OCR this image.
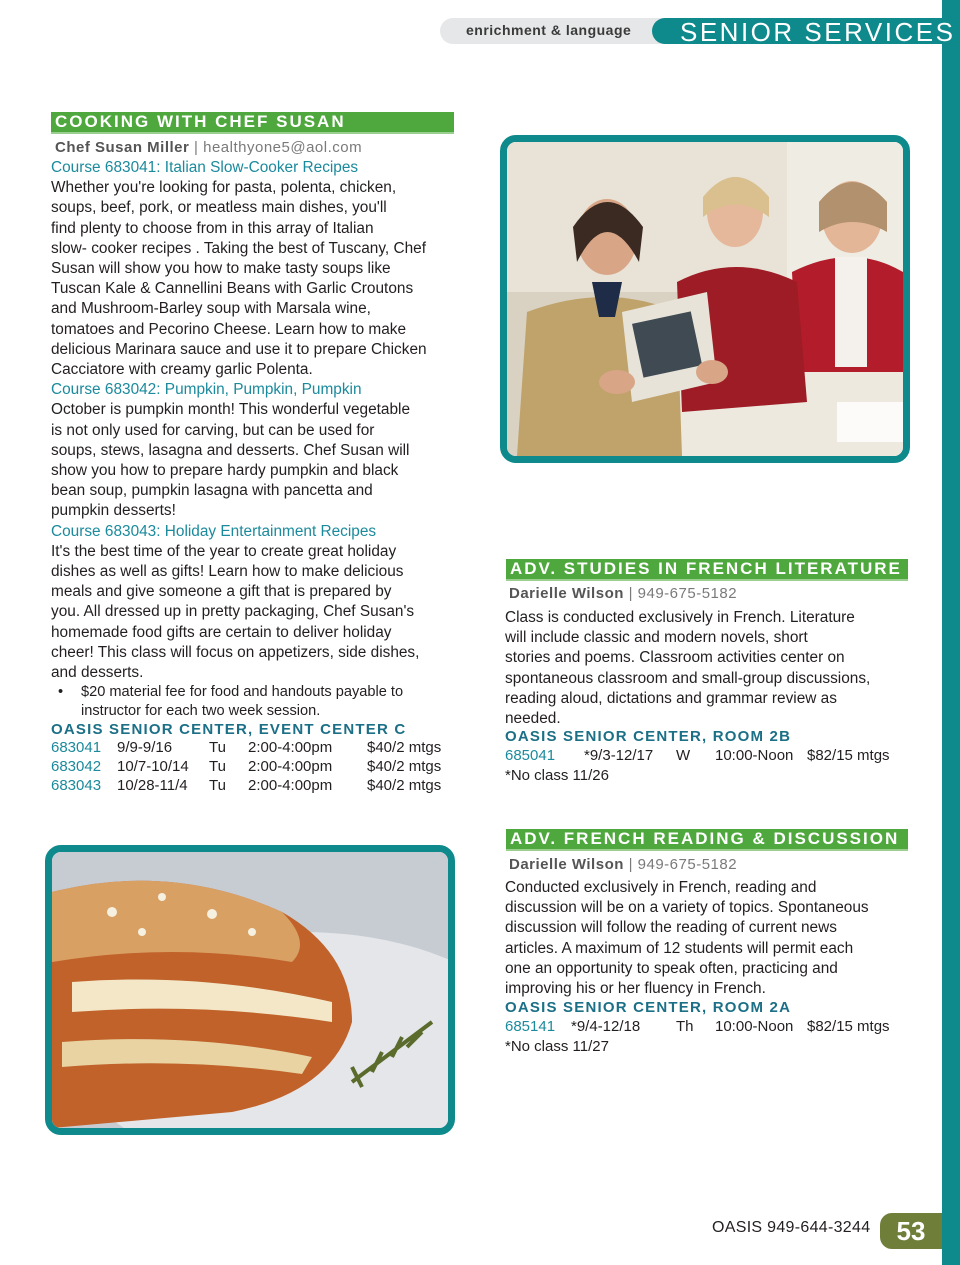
enrichment & language SENIOR SERVICES
COOKING WITH CHEF SUSAN
Chef Susan Miller | healthyone5@aol.com
Course 683041: Italian Slow-Cooker Recipes
Whether you're looking for pasta, polenta, chicken,
soups, beef, pork, or meatless main dishes, you'll
find plenty to choose from in this array of Italian
slow- cooker recipes . Taking the best of Tuscany, Chef
Susan will show you how to make tasty soups like
Tuscan Kale & Cannellini Beans with Garlic Croutons
and Mushroom-Barley soup with Marsala wine,
tomatoes and Pecorino Cheese. Learn how to make
delicious Marinara sauce and use it to prepare Chicken
Cacciatore with creamy garlic Polenta.
Course 683042: Pumpkin, Pumpkin, Pumpkin
October is pumpkin month! This wonderful vegetable
is not only used for carving, but can be used for
soups, stews, lasagna and desserts. Chef Susan will
show you how to prepare hardy pumpkin and black
bean soup, pumpkin lasagna with pancetta and
pumpkin desserts!
Course 683043: Holiday Entertainment Recipes
It's the best time of the year to create great holiday
dishes as well as gifts! Learn how to make delicious
meals and give someone a gift that is prepared by
you. All dressed up in pretty packaging, Chef Susan's
homemade food gifts are certain to deliver holiday
cheer! This class will focus on appetizers, side dishes,
and desserts.
• $20 material fee for food and handouts payable to
instructor for each two week session.
OASIS SENIOR CENTER, EVENT CENTER C
683041 9/9-9/16 Tu 2:00-4:00pm $40/2 mtgs
683042 10/7-10/14 Tu 2:00-4:00pm $40/2 mtgs
683043 10/28-11/4 Tu 2:00-4:00pm $40/2 mtgs
ADV. STUDIES IN FRENCH LITERATURE
Darielle Wilson | 949-675-5182
Class is conducted exclusively in French. Literature
will include classic and modern novels, short
stories and poems. Classroom activities center on
spontaneous classroom and small-group discussions,
reading aloud, dictations and grammar review as
needed.
OASIS SENIOR CENTER, ROOM 2B
685041 *9/3-12/17 W 10:00-Noon $82/15 mtgs
*No class 11/26
ADV. FRENCH READING & DISCUSSION
Darielle Wilson | 949-675-5182
Conducted exclusively in French, reading and
discussion will be on a variety of topics. Spontaneous
discussion will follow the reading of current news
articles. A maximum of 12 students will permit each
one an opportunity to speak often, practicing and
improving his or her fluency in French.
OASIS SENIOR CENTER, ROOM 2A
685141 *9/4-12/18 Th 10:00-Noon $82/15 mtgs
*No class 11/27
OASIS 949-644-3244	53
